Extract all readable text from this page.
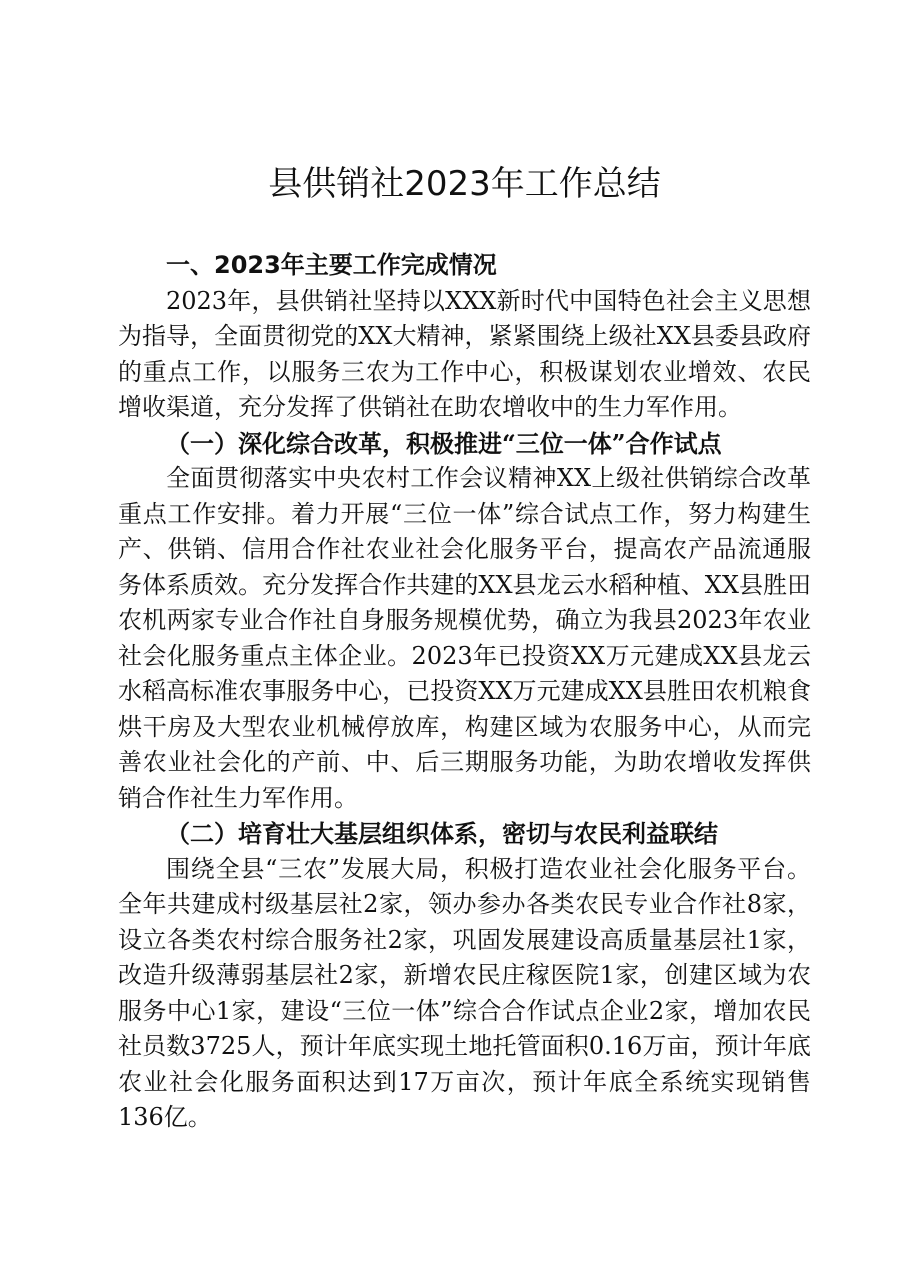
县供销社2023年工作总结

一、2023年主要工作完成情况

2023年，县供销社坚持以XXX新时代中国特色社会主义思想为指导，全面贯彻党的XX大精神，紧紧围绕上级社XX县委县政府的重点工作，以服务三农为工作中心，积极谋划农业增效、农民增收渠道，充分发挥了供销社在助农增收中的生力军作用。

（一）深化综合改革，积极推进“三位一体”合作试点

全面贯彻落实中央农村工作会议精神XX上级社供销综合改革重点工作安排。着力开展“三位一体”综合试点工作，努力构建生产、供销、信用合作社农业社会化服务平台，提高农产品流通服务体系质效。充分发挥合作共建的XX县龙云水稻种植、XX县胜田农机两家专业合作社自身服务规模优势，确立为我县2023年农业社会化服务重点主体企业。2023年已投资XX万元建成XX县龙云水稻高标准农事服务中心，已投资XX万元建成XX县胜田农机粮食烘干房及大型农业机械停放库，构建区域为农服务中心，从而完善农业社会化的产前、中、后三期服务功能，为助农增收发挥供销合作社生力军作用。

（二）培育壮大基层组织体系，密切与农民利益联结

围绕全县“三农”发展大局，积极打造农业社会化服务平台。全年共建成村级基层社2家，领办参办各类农民专业合作社8家，设立各类农村综合服务社2家，巩固发展建设高质量基层社1家，改造升级薄弱基层社2家，新增农民庄稼医院1家，创建区域为农服务中心1家，建设“三位一体”综合合作试点企业2家，增加农民社员数3725人，预计年底实现土地托管面积0.16万亩，预计年底农业社会化服务面积达到17万亩次，预计年底全系统实现销售136亿。
